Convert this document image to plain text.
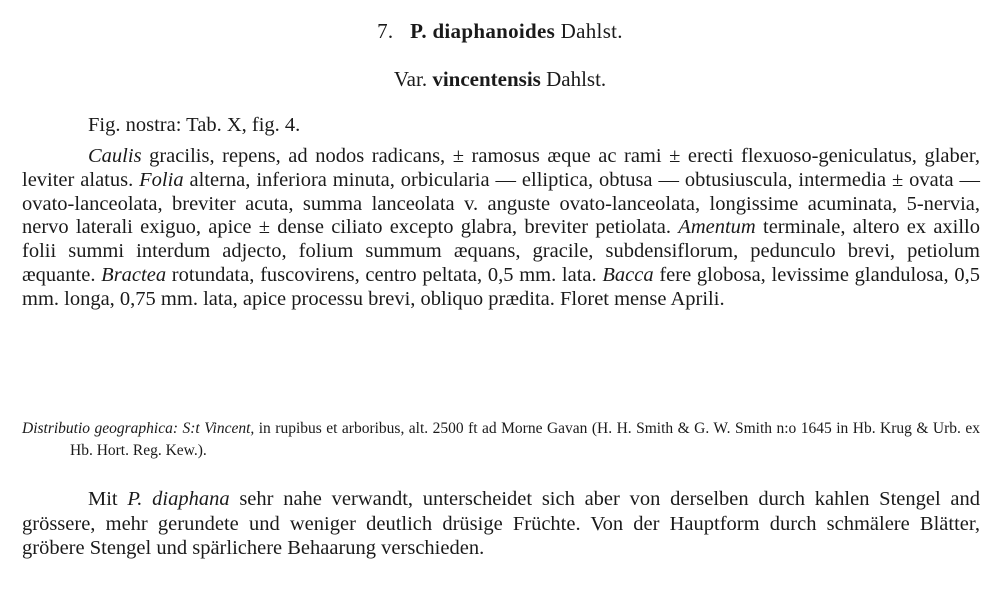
7. P. diaphanoides Dahlst.
Var. vincentensis Dahlst.
Fig. nostra: Tab. X, fig. 4.
Caulis gracilis, repens, ad nodos radicans, ± ramosus æque ac rami ± erecti flexuoso-geniculatus, glaber, leviter alatus. Folia alterna, inferiora minuta, orbicularia — elliptica, obtusa — obtusiuscula, intermedia ± ovata — ovato-lanceolata, breviter acuta, summa lanceolata v. anguste ovato-lanceolata, longissime acuminata, 5-nervia, nervo laterali exiguo, apice ± dense ciliato excepto glabra, breviter petiolata. Amentum terminale, altero ex axillo folii summi interdum adjecto, folium summum æquans, gracile, subdensiflorum, pedunculo brevi, petiolum æquante. Bractea rotundata, fuscovirens, centro peltata, 0,5 mm. lata. Bacca fere globosa, levissime glandulosa, 0,5 mm. longa, 0,75 mm. lata, apice processu brevi, obliquo prædita. Floret mense Aprili.
Distributio geographica: S:t Vincent, in rupibus et arboribus, alt. 2500 ft ad Morne Gavan (H. H. Smith & G. W. Smith n:o 1645 in Hb. Krug & Urb. ex Hb. Hort. Reg. Kew.).
Mit P. diaphana sehr nahe verwandt, unterscheidet sich aber von derselben durch kahlen Stengel and grössere, mehr gerundete und weniger deutlich drüsige Früchte. Von der Hauptform durch schmälere Blätter, gröbere Stengel und spärlichere Behaarung verschieden.
